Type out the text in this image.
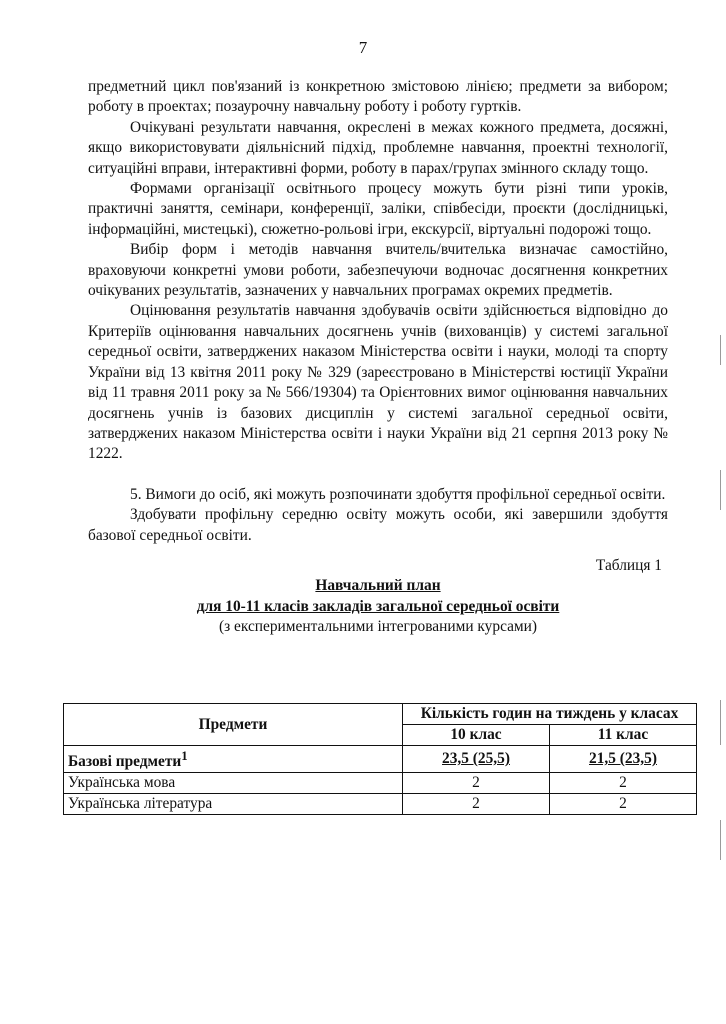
7

предметний цикл пов'язаний із конкретною змістовою лінією; предмети за вибором; роботу в проектах; позаурочну навчальну роботу і роботу гуртків.

Очікувані результати навчання, окреслені в межах кожного предмета, досяжні, якщо використовувати діяльнісний підхід, проблемне навчання, проектні технології, ситуаційні вправи, інтерактивні форми, роботу в парах/групах змінного складу тощо.

Формами організації освітнього процесу можуть бути різні типи уроків, практичні заняття, семінари, конференції, заліки, співбесіди, проєкти (дослідницькі, інформаційні, мистецькі), сюжетно-рольові ігри, екскурсії, віртуальні подорожі тощо.

Вибір форм і методів навчання вчитель/вчителька визначає самостійно, враховуючи конкретні умови роботи, забезпечуючи водночас досягнення конкретних очікуваних результатів, зазначених у навчальних програмах окремих предметів.

Оцінювання результатів навчання здобувачів освіти здійснюється відповідно до Критеріїв оцінювання навчальних досягнень учнів (вихованців) у системі загальної середньої освіти, затверджених наказом Міністерства освіти і науки, молоді та спорту України від 13 квітня 2011 року № 329 (зареєстровано в Міністерстві юстиції України від 11 травня 2011 року за № 566/19304) та Орієнтовних вимог оцінювання навчальних досягнень учнів із базових дисциплін у системі загальної середньої освіти, затверджених наказом Міністерства освіти і науки України від 21 серпня 2013 року № 1222.

5. Вимоги до осіб, які можуть розпочинати здобуття профільної середньої освіти.

Здобувати профільну середню освіту можуть особи, які завершили здобуття базової середньої освіти.

Таблиця 1

Навчальний план

для 10-11 класів закладів загальної середньої освіти

(з експериментальними інтегрованими курсами)

Предмети	Кількість годин на тиждень у класах	
	10 клас	11 клас
Базові предмети$^1$	23,5 (25,5)	21,5 (23,5)
Українська мова	2	2
Українська література	2	2
